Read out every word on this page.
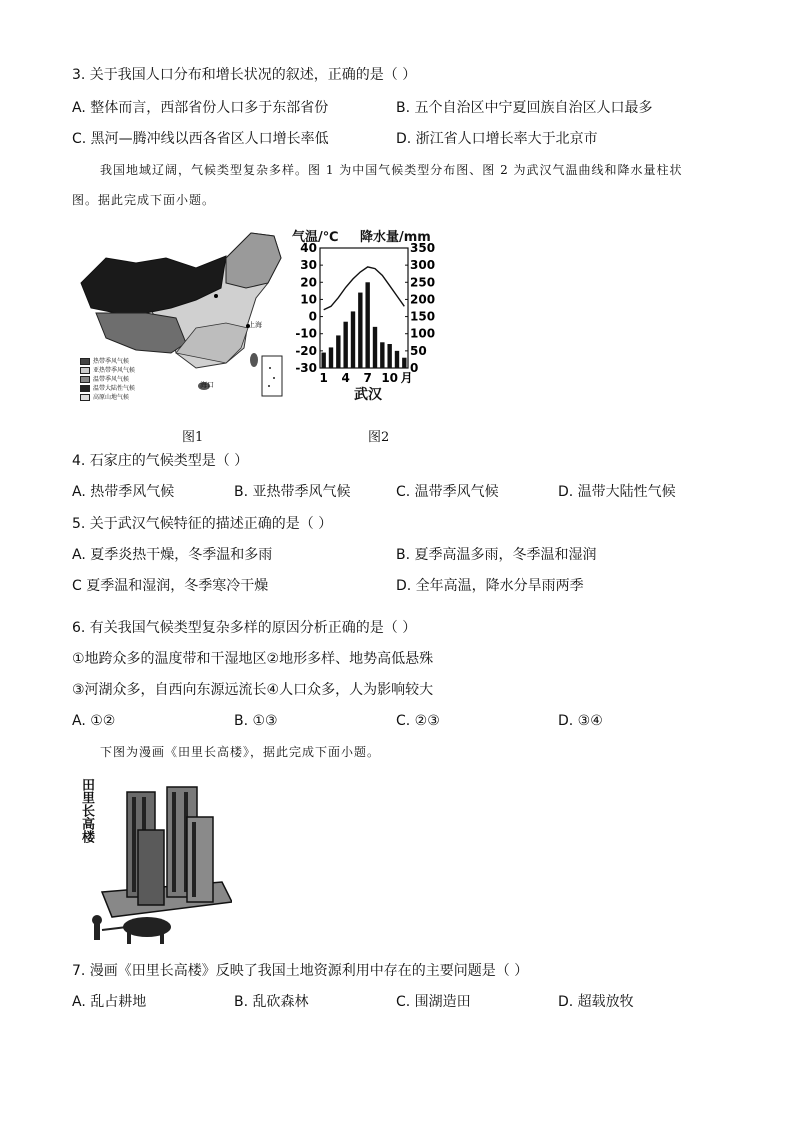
3. 关于我国人口分布和增长状况的叙述，正确的是（ ）
A. 整体而言，西部省份人口多于东部省份	B. 五个自治区中宁夏回族自治区人口最多
C. 黑河—腾冲线以西各省区人口增长率低	D. 浙江省人口增长率大于北京市
我国地域辽阔，气候类型复杂多样。图 1 为中国气候类型分布图、图 2 为武汉气温曲线和降水量柱状
图。据此完成下面小题。
上海
海口
热带季风气候
亚热带季风气候
温带季风气候
温带大陆性气候
高原山地气候
图1
气温/℃ 降水量/mm
40
30
20
10
0
-10
-20
-30
350
300
250
200
150
100
50
0
1 4 7 10 月
武汉
图2
4. 石家庄的气候类型是（ ）
A. 热带季风气候	B. 亚热带季风气候	C. 温带季风气候	D. 温带大陆性气候
5. 关于武汉气候特征的描述正确的是（ ）
A. 夏季炎热干燥，冬季温和多雨	B. 夏季高温多雨，冬季温和湿润
C 夏季温和湿润，冬季寒冷干燥	D. 全年高温，降水分旱雨两季
6. 有关我国气候类型复杂多样的原因分析正确的是（ ）
①地跨众多的温度带和干湿地区②地形多样、地势高低悬殊
③河湖众多，自西向东源远流长④人口众多，人为影响较大
A. ①②	B. ①③	C. ②③	D. ③④
下图为漫画《田里长高楼》，据此完成下面小题。
田里长高楼
7. 漫画《田里长高楼》反映了我国土地资源利用中存在的主要问题是（ ）
A. 乱占耕地	B. 乱砍森林	C. 围湖造田	D. 超载放牧
